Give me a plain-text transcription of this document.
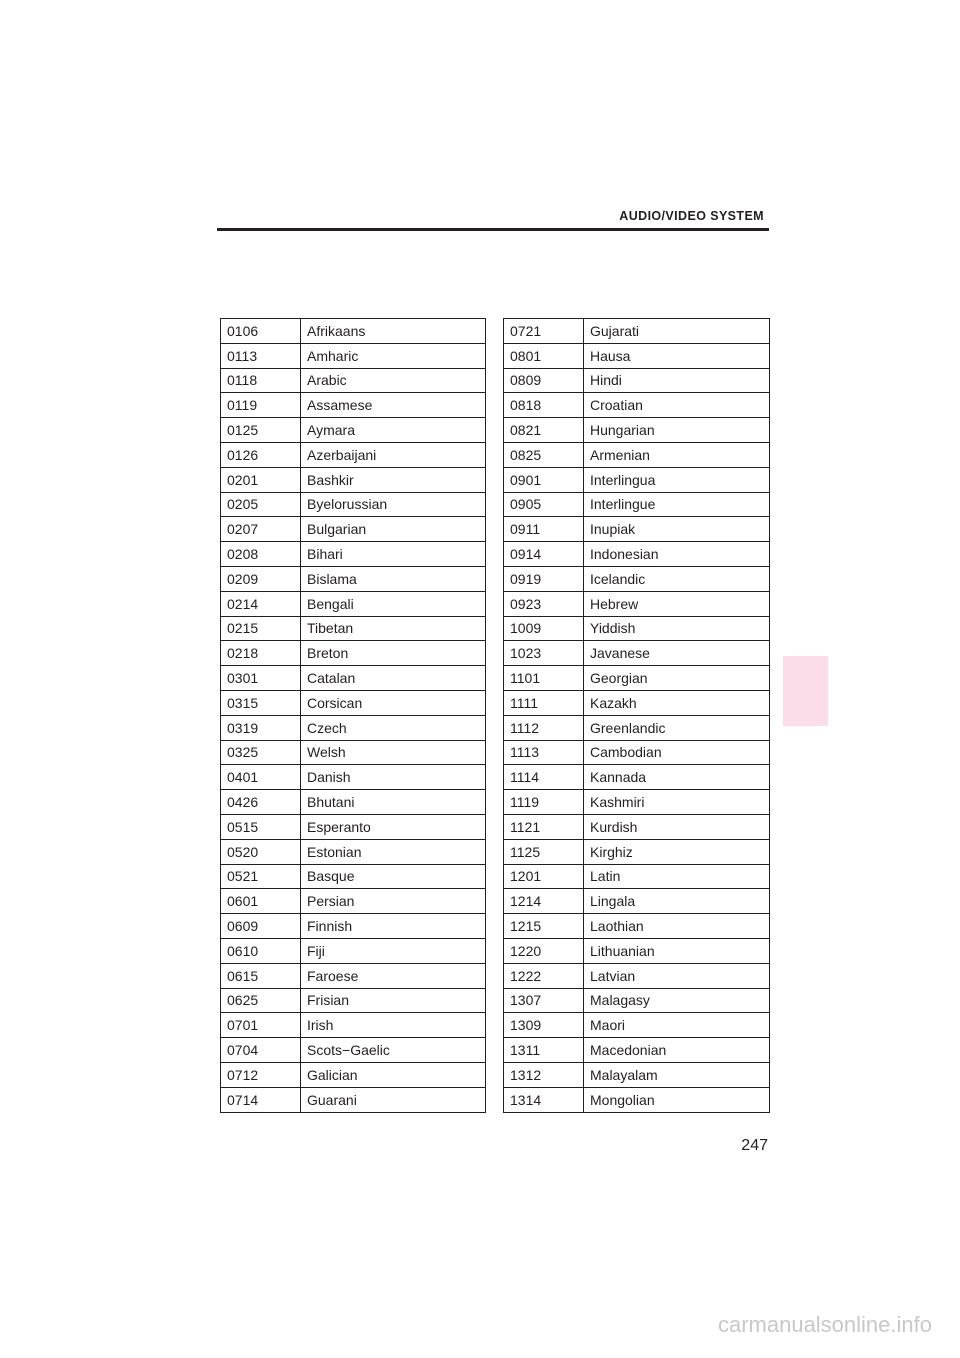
AUDIO/VIDEO SYSTEM
0106	Afrikaans
0113	Amharic
0118	Arabic
0119	Assamese
0125	Aymara
0126	Azerbaijani
0201	Bashkir
0205	Byelorussian
0207	Bulgarian
0208	Bihari
0209	Bislama
0214	Bengali
0215	Tibetan
0218	Breton
0301	Catalan
0315	Corsican
0319	Czech
0325	Welsh
0401	Danish
0426	Bhutani
0515	Esperanto
0520	Estonian
0521	Basque
0601	Persian
0609	Finnish
0610	Fiji
0615	Faroese
0625	Frisian
0701	Irish
0704	Scots−Gaelic
0712	Galician
0714	Guarani
0721	Gujarati
0801	Hausa
0809	Hindi
0818	Croatian
0821	Hungarian
0825	Armenian
0901	Interlingua
0905	Interlingue
0911	Inupiak
0914	Indonesian
0919	Icelandic
0923	Hebrew
1009	Yiddish
1023	Javanese
1101	Georgian
1111	Kazakh
1112	Greenlandic
1113	Cambodian
1114	Kannada
1119	Kashmiri
1121	Kurdish
1125	Kirghiz
1201	Latin
1214	Lingala
1215	Laothian
1220	Lithuanian
1222	Latvian
1307	Malagasy
1309	Maori
1311	Macedonian
1312	Malayalam
1314	Mongolian
247
carmanualsonline.info
